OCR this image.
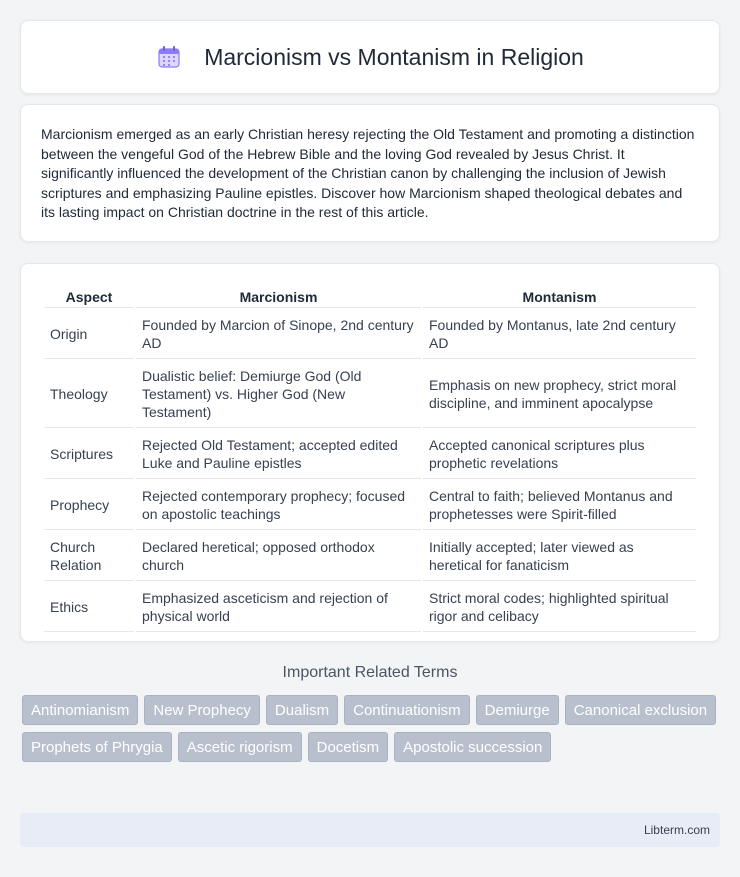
Marcionism vs Montanism in Religion

Marcionism emerged as an early Christian heresy rejecting the Old Testament and promoting a distinction between the vengeful God of the Hebrew Bible and the loving God revealed by Jesus Christ. It significantly influenced the development of the Christian canon by challenging the inclusion of Jewish scriptures and emphasizing Pauline epistles. Discover how Marcionism shaped theological debates and its lasting impact on Christian doctrine in the rest of this article.

Aspect	Marcionism	Montanism
Origin	Founded by Marcion of Sinope, 2nd century AD	Founded by Montanus, late 2nd century AD
Theology	Dualistic belief: Demiurge God (Old Testament) vs. Higher God (New Testament)	Emphasis on new prophecy, strict moral discipline, and imminent apocalypse
Scriptures	Rejected Old Testament; accepted edited Luke and Pauline epistles	Accepted canonical scriptures plus prophetic revelations
Prophecy	Rejected contemporary prophecy; focused on apostolic teachings	Central to faith; believed Montanus and prophetesses were Spirit-filled
Church Relation	Declared heretical; opposed orthodox church	Initially accepted; later viewed as heretical for fanaticism
Ethics	Emphasized asceticism and rejection of physical world	Strict moral codes; highlighted spiritual rigor and celibacy
Important Related Terms
Antinomianism	New Prophecy	Dualism	Continuationism	Demiurge	Canonical exclusion
Prophets of Phrygia	Ascetic rigorism	Docetism	Apostolic succession
Libterm.com
